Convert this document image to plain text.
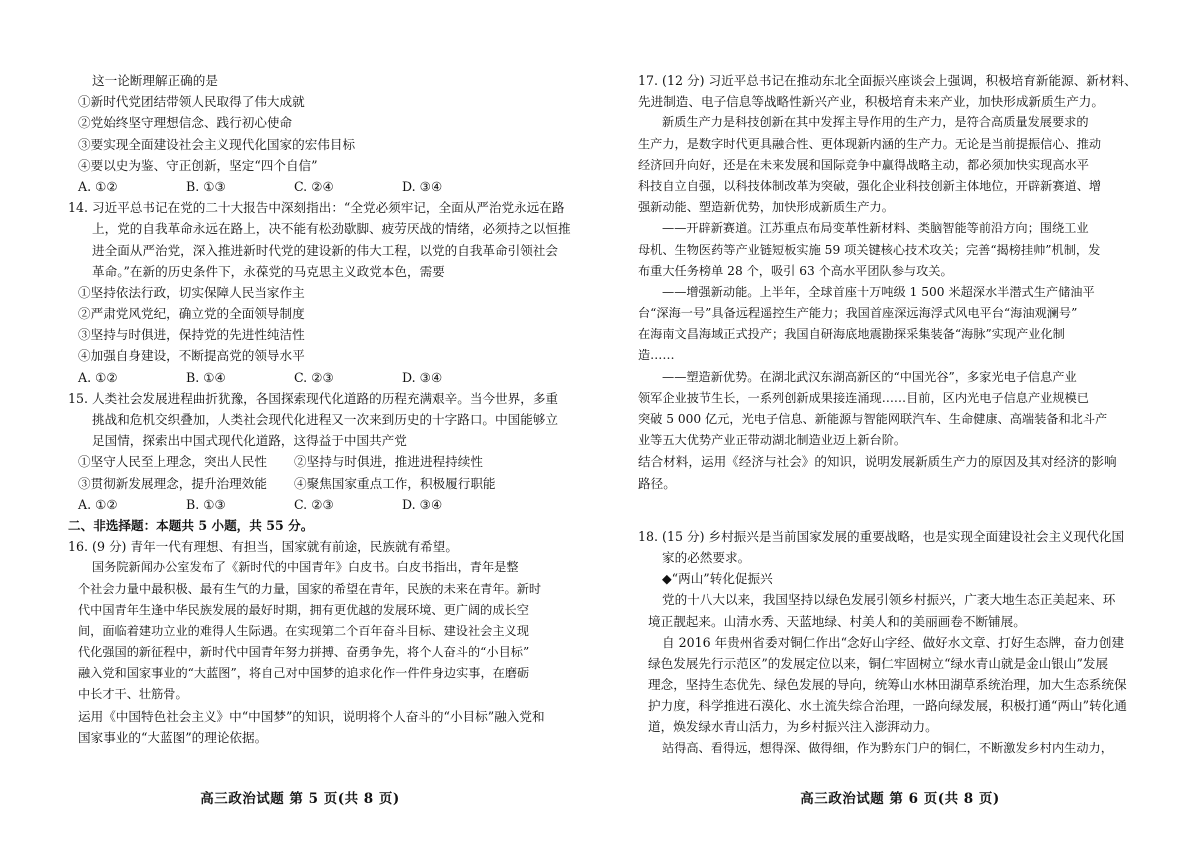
这一论断理解正确的是
①新时代党团结带领人民取得了伟大成就
②党始终坚守理想信念、践行初心使命
③要实现全面建设社会主义现代化国家的宏伟目标
④要以史为鉴、守正创新，坚定“四个自信”
A. ①②	B. ①③	C. ②④	D. ③④
14. 习近平总书记在党的二十大报告中深刻指出：“全党必须牢记，全面从严治党永远在路
上，党的自我革命永远在路上，决不能有松劲歇脚、疲劳厌战的情绪，必须持之以恒推
进全面从严治党，深入推进新时代党的建设新的伟大工程，以党的自我革命引领社会
革命。”在新的历史条件下，永葆党的马克思主义政党本色，需要
①坚持依法行政，切实保障人民当家作主
②严肃党风党纪，确立党的全面领导制度
③坚持与时俱进，保持党的先进性纯洁性
④加强自身建设，不断提高党的领导水平
A. ①②	B. ①④	C. ②③	D. ③④
15. 人类社会发展进程曲折犹豫，各国探索现代化道路的历程充满艰辛。当今世界，多重
挑战和危机交织叠加，人类社会现代化进程又一次来到历史的十字路口。中国能够立
足国情，探索出中国式现代化道路，这得益于中国共产党
①坚守人民至上理念，突出人民性	②坚持与时俱进，推进进程持续性
③贯彻新发展理念，提升治理效能	④聚焦国家重点工作，积极履行职能
A. ①②	B. ①③	C. ②③	D. ③④
二、非选择题：本题共 5 小题，共 55 分。
16. (9 分) 青年一代有理想、有担当，国家就有前途，民族就有希望。
国务院新闻办公室发布了《新时代的中国青年》白皮书。白皮书指出，青年是整
个社会力量中最积极、最有生气的力量，国家的希望在青年，民族的未来在青年。新时
代中国青年生逢中华民族发展的最好时期，拥有更优越的发展环境、更广阔的成长空
间，面临着建功立业的难得人生际遇。在实现第二个百年奋斗目标、建设社会主义现
代化强国的新征程中，新时代中国青年努力拼搏、奋勇争先，将个人奋斗的“小目标”
融入党和国家事业的“大蓝图”，将自己对中国梦的追求化作一件件身边实事，在磨砺
中长才干、壮筋骨。
运用《中国特色社会主义》中“中国梦”的知识，说明将个人奋斗的“小目标”融入党和
国家事业的“大蓝图”的理论依据。
高三政治试题 第 5 页(共 8 页)
17. (12 分) 习近平总书记在推动东北全面振兴座谈会上强调，积极培育新能源、新材料、
先进制造、电子信息等战略性新兴产业，积极培育未来产业，加快形成新质生产力。
新质生产力是科技创新在其中发挥主导作用的生产力，是符合高质量发展要求的
生产力，是数字时代更具融合性、更体现新内涵的生产力。无论是当前提振信心、推动
经济回升向好，还是在未来发展和国际竞争中赢得战略主动，都必须加快实现高水平
科技自立自强，以科技体制改革为突破，强化企业科技创新主体地位，开辟新赛道、增
强新动能、塑造新优势，加快形成新质生产力。
——开辟新赛道。江苏重点布局变革性新材料、类脑智能等前沿方向；围绕工业
母机、生物医药等产业链短板实施 59 项关键核心技术攻关；完善“揭榜挂帅”机制，发
布重大任务榜单 28 个，吸引 63 个高水平团队参与攻关。
——增强新动能。上半年，全球首座十万吨级 1 500 米超深水半潜式生产储油平
台“深海一号”具备远程遥控生产能力；我国首座深远海浮式风电平台“海油观澜号”
在海南文昌海域正式投产；我国自研海底地震勘探采集装备“海脉”实现产业化制
造……
——塑造新优势。在湖北武汉东湖高新区的“中国光谷”，多家光电子信息产业
领军企业披节生长，一系列创新成果接连涌现……目前，区内光电子信息产业规模已
突破 5 000 亿元，光电子信息、新能源与智能网联汽车、生命健康、高端装备和北斗产
业等五大优势产业正带动湖北制造业迈上新台阶。
结合材料，运用《经济与社会》的知识，说明发展新质生产力的原因及其对经济的影响
路径。
18. (15 分) 乡村振兴是当前国家发展的重要战略，也是实现全面建设社会主义现代化国
家的必然要求。
◆“两山”转化促振兴
党的十八大以来，我国坚持以绿色发展引领乡村振兴，广袤大地生态正美起来、环
境正靓起来。山清水秀、天蓝地绿、村美人和的美丽画卷不断铺展。
自 2016 年贵州省委对铜仁作出“念好山字经、做好水文章、打好生态牌，奋力创建
绿色发展先行示范区”的发展定位以来，铜仁牢固树立“绿水青山就是金山银山”发展
理念，坚持生态优先、绿色发展的导向，统筹山水林田湖草系统治理，加大生态系统保
护力度，科学推进石漠化、水土流失综合治理，一路向绿发展，积极打通“两山”转化通
道，焕发绿水青山活力，为乡村振兴注入澎湃动力。
站得高、看得远，想得深、做得细，作为黔东门户的铜仁，不断激发乡村内生动力，
高三政治试题 第 6 页(共 8 页)
